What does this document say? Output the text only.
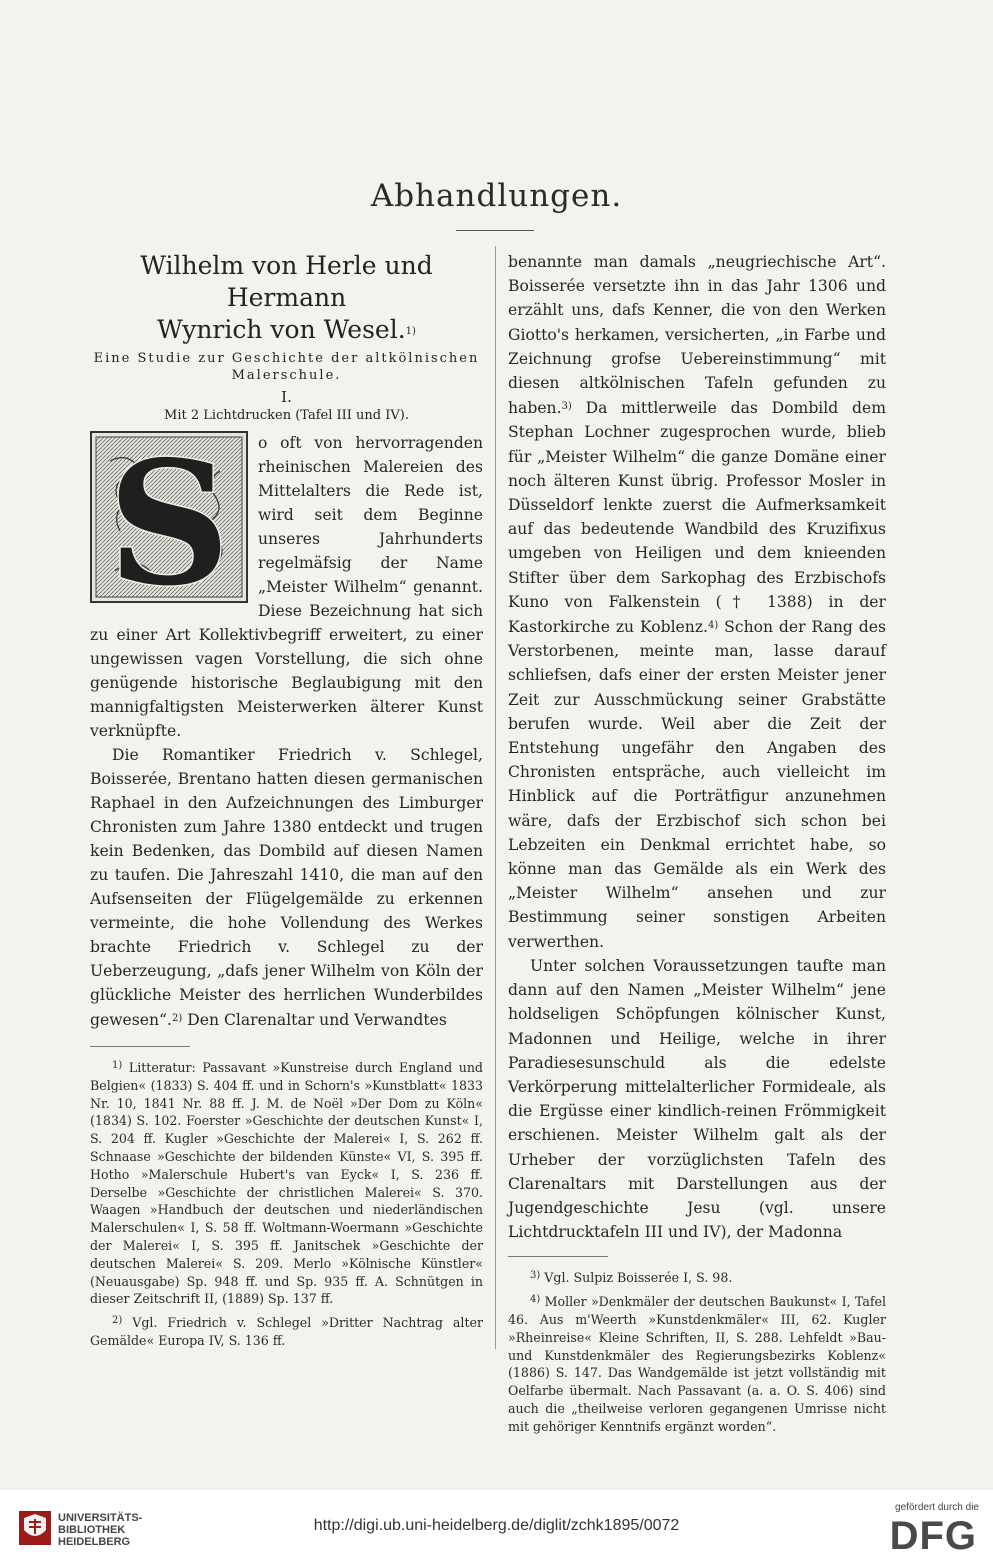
Abhandlungen.
Wilhelm von Herle und Hermann
Wynrich von Wesel.$^{1)}$

Eine Studie zur Geschichte der altkölnischen Malerschule.

I.

Mit 2 Lichtdrucken (Tafel III und IV).

S	o oft von hervorragenden rheinischen Malereien des Mittelalters die Rede ist, wird seit dem Beginne unseres Jahrhunderts regelmäfsig der Name „Meister Wilhelm“ genannt. Diese Bezeichnung hat sich zu einer Art Kollektivbegriff erweitert, zu einer ungewissen vagen Vorstellung, die sich ohne genügende historische Beglaubigung mit den mannigfaltigsten Meisterwerken älterer Kunst verknüpfte.

Die Romantiker Friedrich v. Schlegel, Boisserée, Brentano hatten diesen germanischen Raphael in den Aufzeichnungen des Limburger Chronisten zum Jahre 1380 entdeckt und trugen kein Bedenken, das Dombild auf diesen Namen zu taufen. Die Jahreszahl 1410, die man auf den Aufsenseiten der Flügelgemälde zu erkennen vermeinte, die hohe Vollendung des Werkes brachte Friedrich v. Schlegel zu der Ueberzeugung, „dafs jener Wilhelm von Köln der glückliche Meister des herrlichen Wunderbildes gewesen“.$^{2)}$ Den Clarenaltar und Verwandtes

$^{1)}$ Litteratur: Passavant »Kunstreise durch England und Belgien« (1833) S. 404 ff. und in Schorn's »Kunstblatt« 1833 Nr. 10, 1841 Nr. 88 ff. J. M. de Noël »Der Dom zu Köln« (1834) S. 102. Foerster »Geschichte der deutschen Kunst« I, S. 204 ff. Kugler »Geschichte der Malerei« I, S. 262 ff. Schnaase »Geschichte der bildenden Künste« VI, S. 395 ff. Hotho »Malerschule Hubert's van Eyck« I, S. 236 ff. Derselbe »Geschichte der christlichen Malerei« S. 370. Waagen »Handbuch der deutschen und niederländischen Malerschulen« I, S. 58 ff. Woltmann-Woermann »Geschichte der Malerei« I, S. 395 ff. Janitschek »Geschichte der deutschen Malerei« S. 209. Merlo »Kölnische Künstler« (Neuausgabe) Sp. 948 ff. und Sp. 935 ff. A. Schnütgen in dieser Zeitschrift II, (1889) Sp. 137 ff.

$^{2)}$ Vgl. Friedrich v. Schlegel »Dritter Nachtrag alter Gemälde« Europa IV, S. 136 ff.

benannte man damals „neugriechische Art“. Boisserée versetzte ihn in das Jahr 1306 und erzählt uns, dafs Kenner, die von den Werken Giotto's herkamen, versicherten, „in Farbe und Zeichnung grofse Uebereinstimmung“ mit diesen altkölnischen Tafeln gefunden zu haben.$^{3)}$ Da mittlerweile das Dombild dem Stephan Lochner zugesprochen wurde, blieb für „Meister Wilhelm“ die ganze Domäne einer noch älteren Kunst übrig. Professor Mosler in Düsseldorf lenkte zuerst die Aufmerksamkeit auf das bedeutende Wandbild des Kruzifixus umgeben von Heiligen und dem knieenden Stifter über dem Sarkophag des Erzbischofs Kuno von Falkenstein († 1388) in der Kastorkirche zu Koblenz.$^{4)}$ Schon der Rang des Verstorbenen, meinte man, lasse darauf schliefsen, dafs einer der ersten Meister jener Zeit zur Ausschmückung seiner Grabstätte berufen wurde. Weil aber die Zeit der Entstehung ungefähr den Angaben des Chronisten entspräche, auch vielleicht im Hinblick auf die Porträtfigur anzunehmen wäre, dafs der Erzbischof sich schon bei Lebzeiten ein Denkmal errichtet habe, so könne man das Gemälde als ein Werk des „Meister Wilhelm“ ansehen und zur Bestimmung seiner sonstigen Arbeiten verwerthen.

Unter solchen Voraussetzungen taufte man dann auf den Namen „Meister Wilhelm“ jene holdseligen Schöpfungen kölnischer Kunst, Madonnen und Heilige, welche in ihrer Paradiesesunschuld als die edelste Verkörperung mittelalterlicher Formideale, als die Ergüsse einer kindlich-reinen Frömmigkeit erschienen. Meister Wilhelm galt als der Urheber der vorzüglichsten Tafeln des Clarenaltars mit Darstellungen aus der Jugendgeschichte Jesu (vgl. unsere Lichtdrucktafeln III und IV), der Madonna

$^{3)}$ Vgl. Sulpiz Boisserée I, S. 98.

$^{4)}$ Moller »Denkmäler der deutschen Baukunst« I, Tafel 46. Aus m'Weerth »Kunstdenkmäler« III, 62. Kugler »Rheinreise« Kleine Schriften, II, S. 288. Lehfeldt »Bau- und Kunstdenkmäler des Regierungsbezirks Koblenz« (1886) S. 147. Das Wandgemälde ist jetzt vollständig mit Oelfarbe übermalt. Nach Passavant (a. a. O. S. 406) sind auch die „theilweise verloren gegangenen Umrisse nicht mit gehöriger Kenntnifs ergänzt worden“.

UNIVERSITÄTS-
BIBLIOTHEK
HEIDELBERG
http://digi.ub.uni-heidelberg.de/diglit/zchk1895/0072
gefördert durch die
DFG
